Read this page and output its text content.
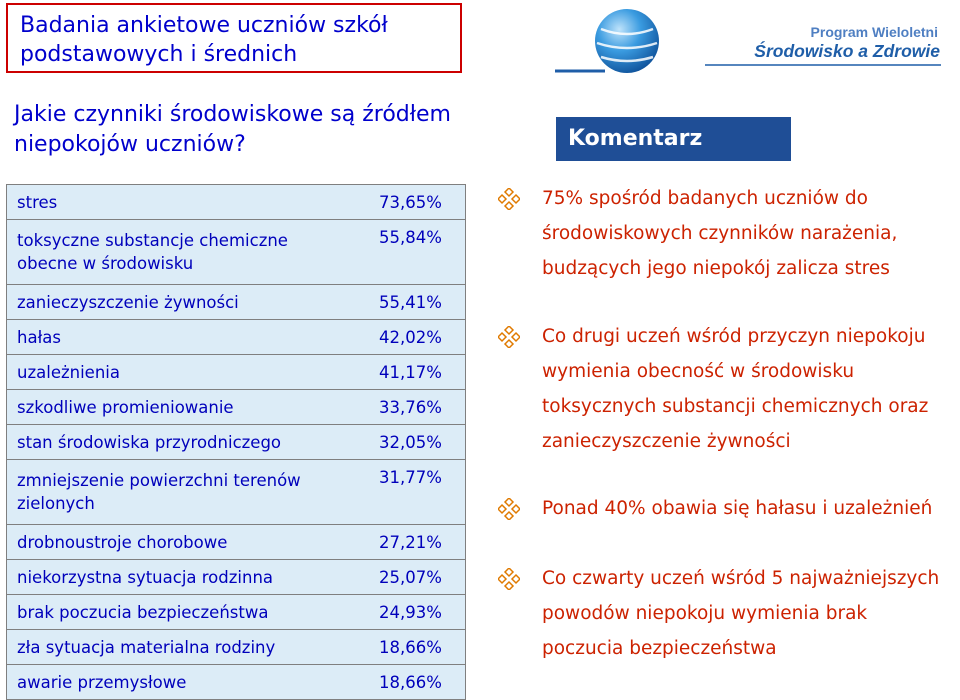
Badania ankietowe uczniów szkół
podstawowych i średnich
Jakie czynniki środowiskowe są źródłem
niepokojów uczniów?
Program Wieloletni
Środowisko a Zdrowie
Komentarz
stres	73,65%

toksyczne substancje chemiczne
obecne w środowisku	55,84%

zanieczyszczenie żywności	55,41%

hałas	42,02%

uzależnienia	41,17%

szkodliwe promieniowanie	33,76%

stan środowiska przyrodniczego	32,05%

zmniejszenie powierzchni terenów
zielonych	31,77%

drobnoustroje chorobowe	27,21%

niekorzystna sytuacja rodzinna	25,07%

brak poczucia bezpieczeństwa	24,93%

zła sytuacja materialna rodziny	18,66%

awarie przemysłowe	18,66%
75% spośród badanych uczniów do
środowiskowych czynników narażenia,
budzących jego niepokój zalicza stres
Co drugi uczeń wśród przyczyn niepokoju
wymienia obecność w środowisku
toksycznych substancji chemicznych oraz
zanieczyszczenie żywności
Ponad 40% obawia się hałasu i uzależnień
Co czwarty uczeń wśród 5 najważniejszych
powodów niepokoju wymienia brak
poczucia bezpieczeństwa
